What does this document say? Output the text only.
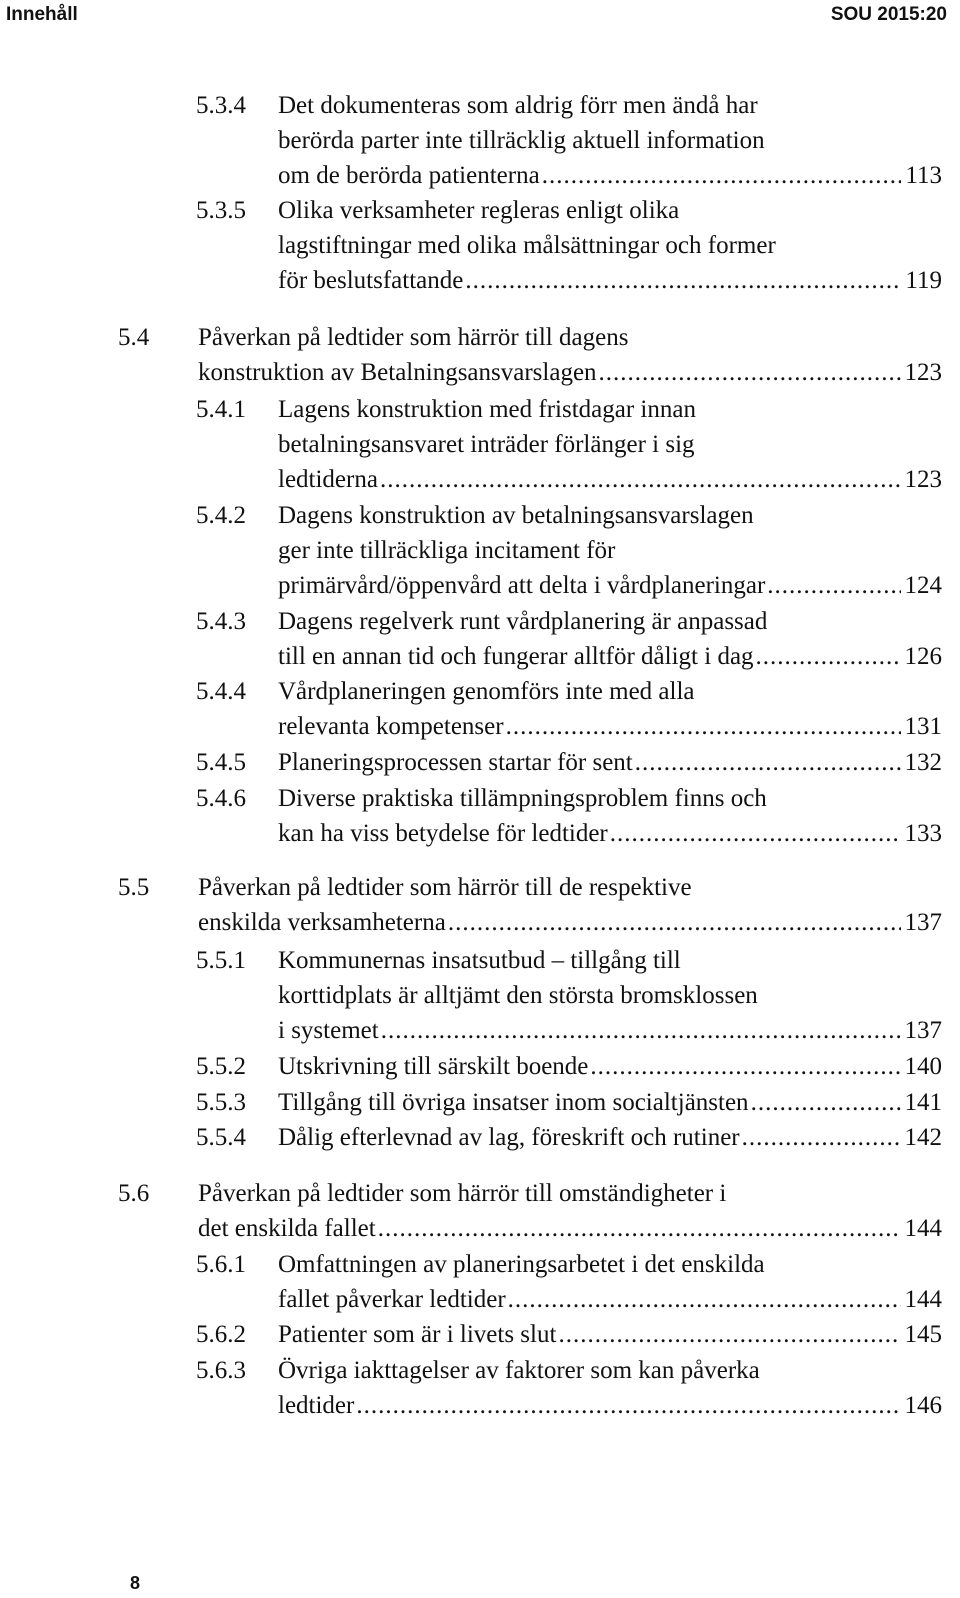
Innehåll	SOU 2015:20
5.3.4 Det dokumenteras som aldrig förr men ändå har
berörda parter inte tillräcklig aktuell information
om de berörda patienterna .....	113
5.3.5 Olika verksamheter regleras enligt olika
lagstiftningar med olika målsättningar och former
för beslutsfattande .....	119
5.4 Påverkan på ledtider som härrör till dagens
konstruktion av Betalningsansvarslagen .....	123
5.4.1 Lagens konstruktion med fristdagar innan
betalningsansvaret inträder förlänger i sig
ledtiderna .....	123
5.4.2 Dagens konstruktion av betalningsansvarslagen
ger inte tillräckliga incitament för
primärvård/öppenvård att delta i vårdplaneringar .....	124
5.4.3 Dagens regelverk runt vårdplanering är anpassad
till en annan tid och fungerar alltför dåligt i dag .....	126
5.4.4 Vårdplaneringen genomförs inte med alla
relevanta kompetenser .....	131
5.4.5 Planeringsprocessen startar för sent .....	132
5.4.6 Diverse praktiska tillämpningsproblem finns och
kan ha viss betydelse för ledtider .....	133
5.5 Påverkan på ledtider som härrör till de respektive
enskilda verksamheterna .....	137
5.5.1 Kommunernas insatsutbud – tillgång till
korttidplats är alltjämt den största bromsklossen
i systemet .....	137
5.5.2 Utskrivning till särskilt boende .....	140
5.5.3 Tillgång till övriga insatser inom socialtjänsten .....	141
5.5.4 Dålig efterlevnad av lag, föreskrift och rutiner .....	142
5.6 Påverkan på ledtider som härrör till omständigheter i
det enskilda fallet .....	144
5.6.1 Omfattningen av planeringsarbetet i det enskilda
fallet påverkar ledtider .....	144
5.6.2 Patienter som är i livets slut .....	145
5.6.3 Övriga iakttagelser av faktorer som kan påverka
ledtider .....	146
8
